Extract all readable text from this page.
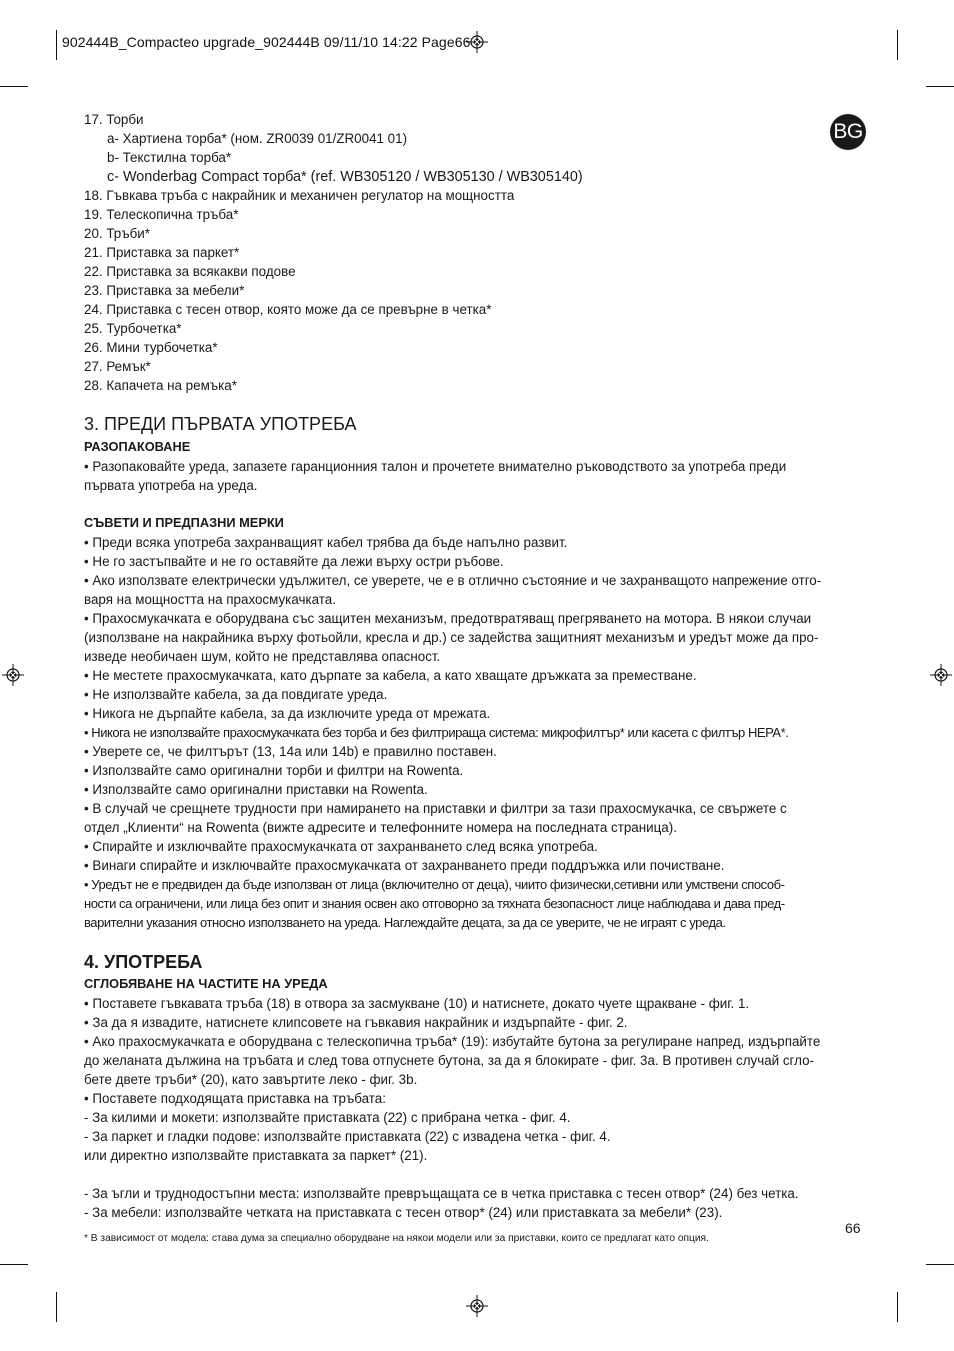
902444B_Compacteo upgrade_902444B 09/11/10 14:22 Page66
BG
17. Торби
a- Хартиена торба* (ном. ZR0039 01/ZR0041 01)
b- Текстилна торба*
c- Wonderbag Compact торба* (ref. WB305120 / WB305130 / WB305140)
18. Гъвкава тръба с накрайник и механичен регулатор на мощността
19. Телескопична тръба*
20. Тръби*
21. Приставка за паркет*
22. Приставка за всякакви подове
23. Приставка за мебели*
24. Приставка с тесен отвор, която може да се превърне в четка*
25. Турбочетка*
26. Мини турбочетка*
27. Ремък*
28. Капачета на ремъка*
3. ПРЕДИ ПЪРВАТА УПОТРЕБА
РАЗОПАКОВАНЕ
• Разопаковайте уреда, запазете гаранционния талон и прочетете внимателно ръководството за употреба преди
първата употреба на уреда.
СЪВЕТИ И ПРЕДПАЗНИ МЕРКИ
• Преди всяка употреба захранващият кабел трябва да бъде напълно развит.
• Не го застъпвайте и не го оставяйте да лежи върху остри ръбове.
• Ако използвате електрически удължител, се уверете, че е в отлично състояние и че захранващото напрежение отго-
варя на мощността на прахосмукачката.
• Прахосмукачката е оборудвана със защитен механизъм, предотвратяващ прегряването на мотора. В някои случаи
(използване на накрайника върху фотьойли, кресла и др.) се задейства защитният механизъм и уредът може да про-
изведе необичаен шум, който не представлява опасност.
• Не местете прахосмукачката, като дърпате за кабела, а като хващате дръжката за преместване.
• Не използвайте кабела, за да повдигате уреда.
• Никога не дърпайте кабела, за да изключите уреда от мрежата.
• Никога не използвайте прахосмукачката без торба и без филтрираща система: микрофилтър* или касета с филтър HEPA*.
• Уверете се, че филтърът (13, 14a или 14b) е правилно поставен.
• Използвайте само оригинални торби и филтри на Rowenta.
• Използвайте само оригинални приставки на Rowenta.
• В случай че срещнете трудности при намирането на приставки и филтри за тази прахосмукачка, се свържете с
отдел „Клиенти“ на Rowenta (вижте адресите и телефонните номера на последната страница).
• Спирайте и изключвайте прахосмукачката от захранването след всяка употреба.
• Винаги спирайте и изключвайте прахосмукачката от захранването преди поддръжка или почистване.
• Уредът не е предвиден да бъде използван от лица (включително от деца), чиито физически,сетивни или умствени способ-
ности са ограничени, или лица без опит и знания освен ако отговорно за тяхната безопасност лице наблюдава и дава пред-
варителни указания относно използването на уреда. Наглеждайте децата, за да се уверите, че не играят с уреда.
4. УПОТРЕБА
СГЛОБЯВАНЕ НА ЧАСТИТЕ НА УРЕДА
• Поставете гъвкавата тръба (18) в отвора за засмукване (10) и натиснете, докато чуете щракване - фиг. 1.
• За да я извадите, натиснете клипсовете на гъвкавия накрайник и издърпайте - фиг. 2.
• Ако прахосмукачката е оборудвана с телескопична тръба* (19): избутайте бутона за регулиране напред, издърпайте
до желаната дължина на тръбата и след това отпуснете бутона, за да я блокирате - фиг. 3а. В противен случай сгло-
бете двете тръби* (20), като завъртите леко - фиг. 3b.
• Поставете подходящата приставка на тръбата:
- За килими и мокети: използвайте приставката (22) с прибрана четка - фиг. 4.
- За паркет и гладки подове: използвайте приставката (22) с извадена четка - фиг. 4.
или директно използвайте приставката за паркет* (21).
- За ъгли и труднодостъпни места: използвайте превръщащата се в четка приставка с тесен отвор* (24) без четка.
- За мебели: използвайте четката на приставката с тесен отвор* (24) или приставката за мебели* (23).
66
* В зависимост от модела: става дума за специално оборудване на някои модели или за приставки, които се предлагат като опция.
